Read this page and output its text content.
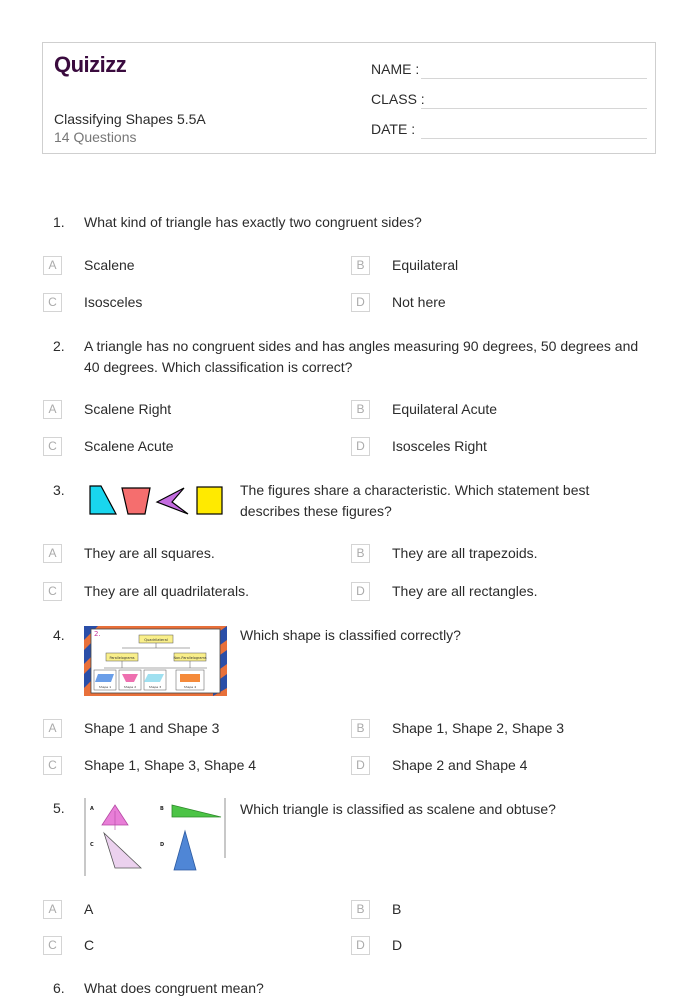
Quizizz
Classifying Shapes 5.5A
14 Questions
NAME :
CLASS :
DATE :
1. What kind of triangle has exactly two congruent sides?
A	Scalene	B	Equilateral
C	Isosceles	D	Not here
2. A triangle has no congruent sides and has angles measuring 90 degrees, 50 degrees and 40 degrees. Which classification is correct?
A	Scalene Right	B	Equilateral Acute
C	Scalene Acute	D	Isosceles Right
3.	The figures share a characteristic. Which statement best describes these figures?
A	They are all squares.	B	They are all trapezoids.
C	They are all quadrilaterals.	D	They are all rectangles.
4.	2.
Quadrilateral
Parallelograms	Non-Parallelograms
Shape 1	Shape 2	Shape 3	Shape 4
Which shape is classified correctly?
A	Shape 1 and Shape 3	B	Shape 1, Shape 2, Shape 3
C	Shape 1, Shape 3, Shape 4	D	Shape 2 and Shape 4
5.	A	B
C	D
Which triangle is classified as scalene and obtuse?
A	A	B	B
C	C	D	D
6. What does congruent mean?
